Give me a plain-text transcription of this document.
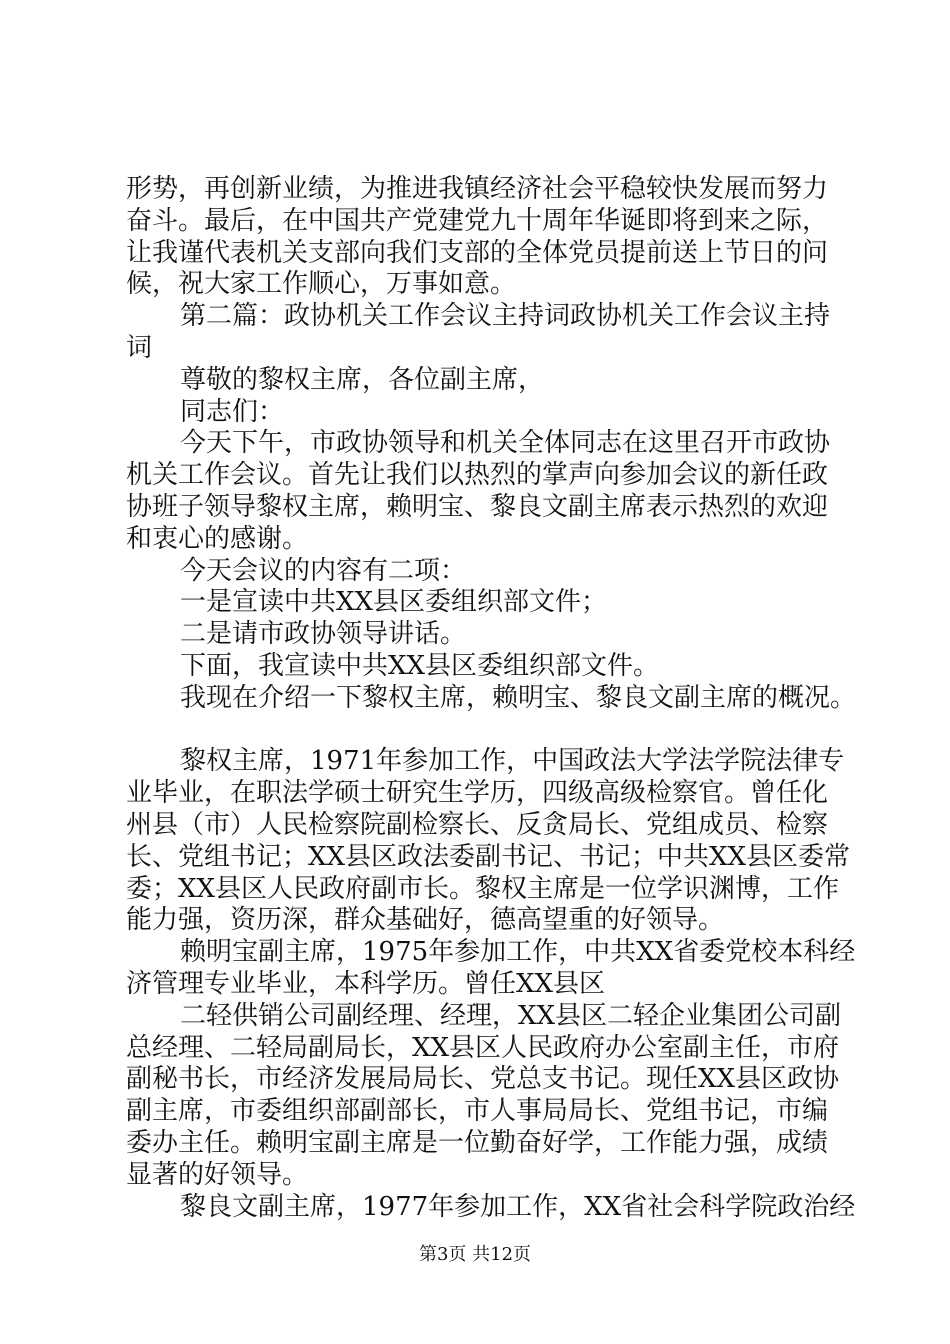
形势，再创新业绩，为推进我镇经济社会平稳较快发展而努力
奋斗。最后，在中国共产党建党九十周年华诞即将到来之际，
让我谨代表机关支部向我们支部的全体党员提前送上节日的问
候，祝大家工作顺心，万事如意。
第二篇：政协机关工作会议主持词政协机关工作会议主持
词
尊敬的黎权主席，各位副主席，
同志们：
今天下午，市政协领导和机关全体同志在这里召开市政协
机关工作会议。首先让我们以热烈的掌声向参加会议的新任政
协班子领导黎权主席，赖明宝、黎良文副主席表示热烈的欢迎
和衷心的感谢。
今天会议的内容有二项：
一是宣读中共XX县区委组织部文件；
二是请市政协领导讲话。
下面，我宣读中共XX县区委组织部文件。
我现在介绍一下黎权主席，赖明宝、黎良文副主席的概况。
黎权主席，1971年参加工作，中国政法大学法学院法律专
业毕业，在职法学硕士研究生学历，四级高级检察官。曾任化
州县（市）人民检察院副检察长、反贪局长、党组成员、检察
长、党组书记；XX县区政法委副书记、书记；中共XX县区委常
委；XX县区人民政府副市长。黎权主席是一位学识渊博，工作
能力强，资历深，群众基础好，德高望重的好领导。
赖明宝副主席，1975年参加工作，中共XX省委党校本科经
济管理专业毕业，本科学历。曾任XX县区
二轻供销公司副经理、经理，XX县区二轻企业集团公司副
总经理、二轻局副局长，XX县区人民政府办公室副主任，市府
副秘书长，市经济发展局局长、党总支书记。现任XX县区政协
副主席，市委组织部副部长，市人事局局长、党组书记，市编
委办主任。赖明宝副主席是一位勤奋好学，工作能力强，成绩
显著的好领导。
黎良文副主席，1977年参加工作，XX省社会科学院政治经
第3页 共12页
